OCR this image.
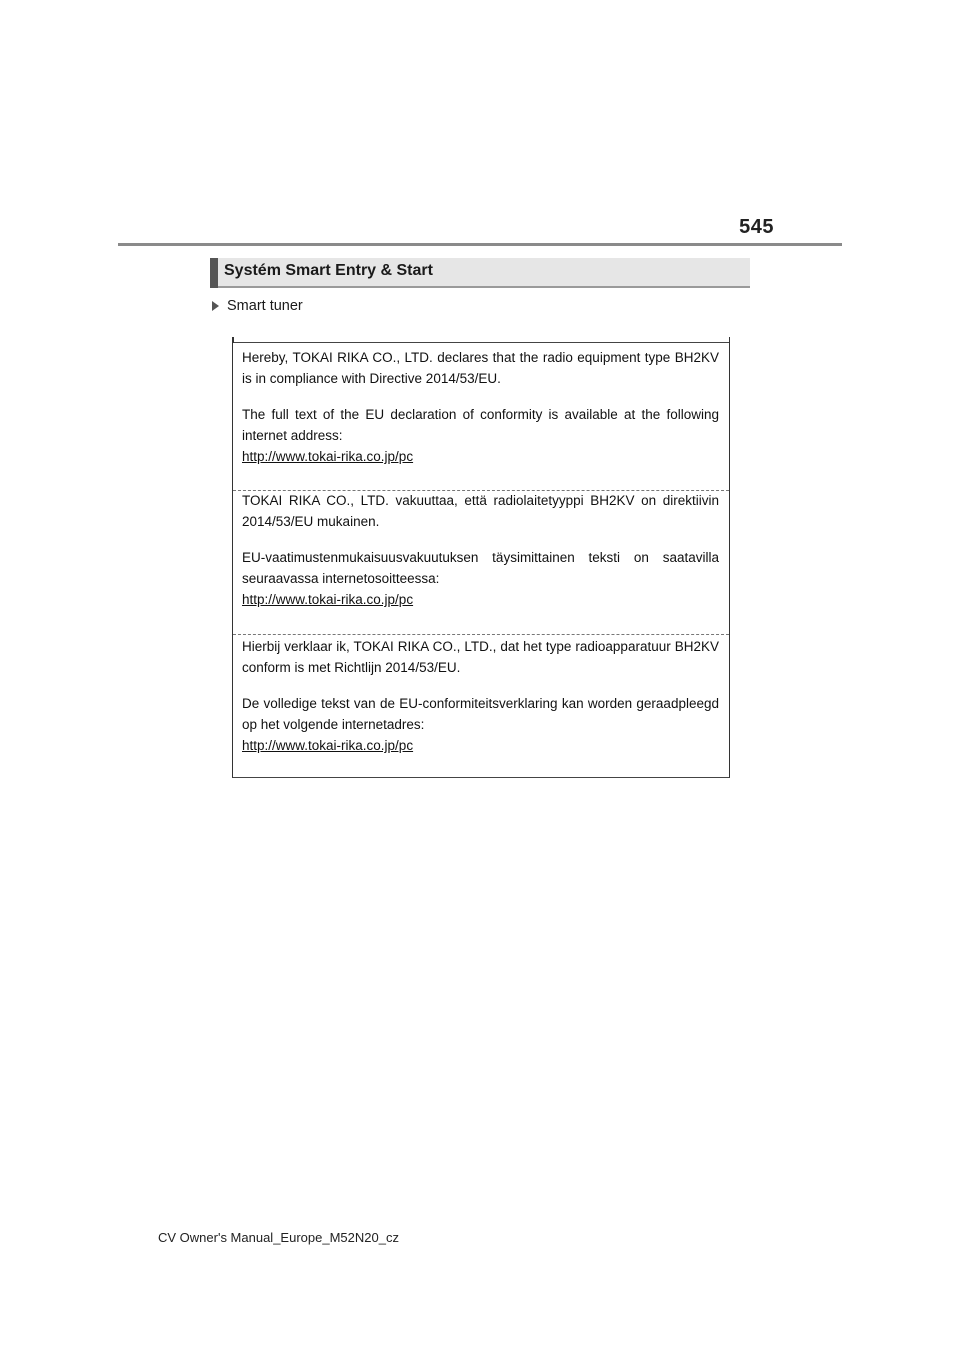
545
Systém Smart Entry & Start
Smart tuner

Hereby, TOKAI RIKA CO., LTD. declares that the radio equipment type BH2KV is in compliance with Directive 2014/53/EU.

The full text of the EU declaration of conformity is available at the following internet address:

http://www.tokai-rika.co.jp/pc

TOKAI RIKA CO., LTD. vakuuttaa, että radiolaitetyyppi BH2KV on direktiivin 2014/53/EU mukainen.

EU-vaatimustenmukaisuusvakuutuksen täysimittainen teksti on saatavilla seuraavassa internetosoitteessa:

http://www.tokai-rika.co.jp/pc

Hierbij verklaar ik, TOKAI RIKA CO., LTD., dat het type radioapparatuur BH2KV conform is met Richtlijn 2014/53/EU.

De volledige tekst van de EU-conformiteitsverklaring kan worden geraadpleegd op het volgende internetadres:

http://www.tokai-rika.co.jp/pc
CV Owner's Manual_Europe_M52N20_cz
